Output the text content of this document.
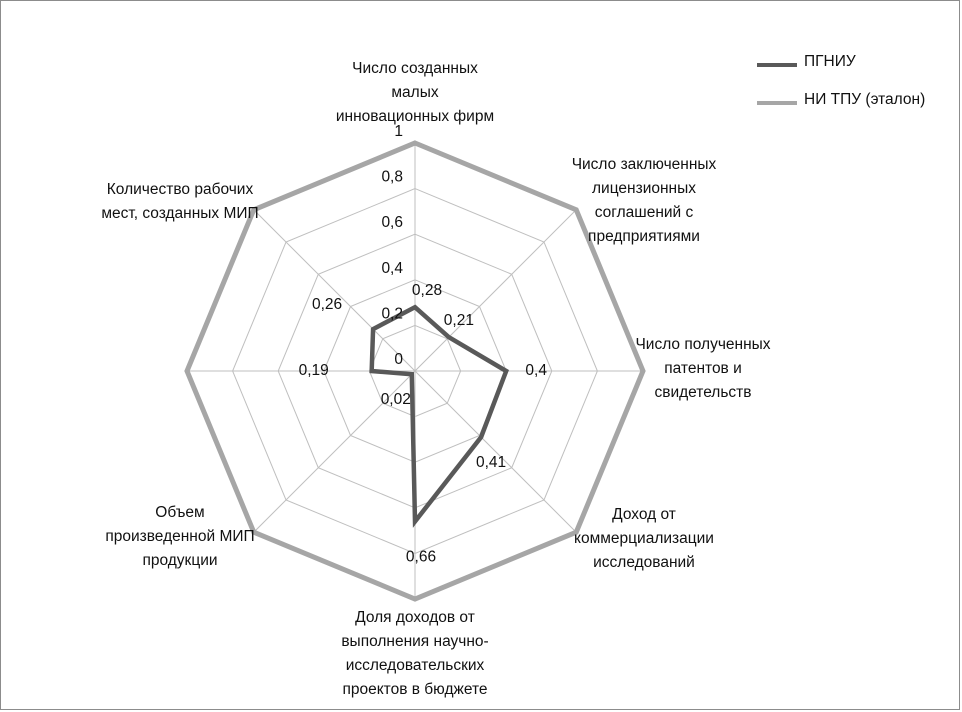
0
0,2
0,4
0,6
0,8
1
0,28
0,21
0,4
0,41
0,66
0,02
0,19
0,26
Число созданных
малых
инновационных фирм
Число заключенных
лицензионных
соглашений с
предприятиями
Число полученных
патентов и
свидетельств
Доход от
коммерциализации
исследований
Доля доходов от
выполнения научно-
исследовательских
проектов в бюджете
Объем
произведенной МИП
продукции
Количество рабочих
мест, созданных МИП
ПГНИУ
НИ ТПУ (эталон)
